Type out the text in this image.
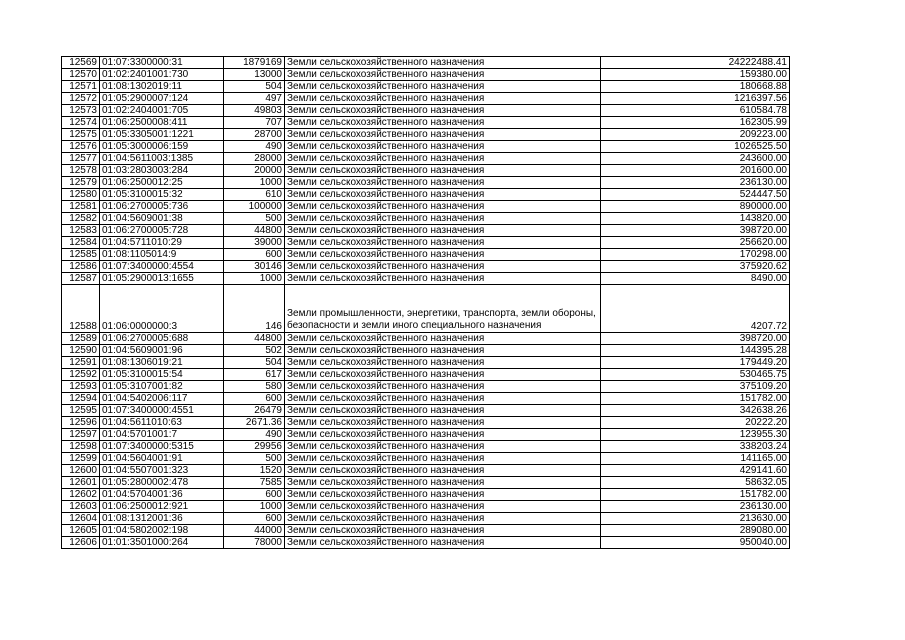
12569	01:07:3300000:31	1879169	Земли сельскохозяйственного назначения	24222488.41
12570	01:02:2401001:730	13000	Земли сельскохозяйственного назначения	159380.00
12571	01:08:1302019:11	504	Земли сельскохозяйственного назначения	180668.88
12572	01:05:2900007:124	497	Земли сельскохозяйственного назначения	1216397.56
12573	01:02:2404001:705	49803	Земли сельскохозяйственного назначения	610584.78
12574	01:06:2500008:411	707	Земли сельскохозяйственного назначения	162305.99
12575	01:05:3305001:1221	28700	Земли сельскохозяйственного назначения	209223.00
12576	01:05:3000006:159	490	Земли сельскохозяйственного назначения	1026525.50
12577	01:04:5611003:1385	28000	Земли сельскохозяйственного назначения	243600.00
12578	01:03:2803003:284	20000	Земли сельскохозяйственного назначения	201600.00
12579	01:06:2500012:25	1000	Земли сельскохозяйственного назначения	236130.00
12580	01:05:3100015:32	610	Земли сельскохозяйственного назначения	524447.50
12581	01:06:2700005:736	100000	Земли сельскохозяйственного назначения	890000.00
12582	01:04:5609001:38	500	Земли сельскохозяйственного назначения	143820.00
12583	01:06:2700005:728	44800	Земли сельскохозяйственного назначения	398720.00
12584	01:04:5711010:29	39000	Земли сельскохозяйственного назначения	256620.00
12585	01:08:1105014:9	600	Земли сельскохозяйственного назначения	170298.00
12586	01:07:3400000:4554	30146	Земли сельскохозяйственного назначения	375920.62
12587	01:05:2900013:1655	1000	Земли сельскохозяйственного назначения	8490.00
12588	01:06:0000000:3	146	Земли промышленности, энергетики, транспорта, земли обороны, безопасности и земли иного специального назначения	4207.72
12589	01:06:2700005:688	44800	Земли сельскохозяйственного назначения	398720.00
12590	01:04:5609001:96	502	Земли сельскохозяйственного назначения	144395.28
12591	01:08:1306019:21	504	Земли сельскохозяйственного назначения	179449.20
12592	01:05:3100015:54	617	Земли сельскохозяйственного назначения	530465.75
12593	01:05:3107001:82	580	Земли сельскохозяйственного назначения	375109.20
12594	01:04:5402006:117	600	Земли сельскохозяйственного назначения	151782.00
12595	01:07:3400000:4551	26479	Земли сельскохозяйственного назначения	342638.26
12596	01:04:5611010:63	2671.36	Земли сельскохозяйственного назначения	20222.20
12597	01:04:5701001:7	490	Земли сельскохозяйственного назначения	123955.30
12598	01:07:3400000:5315	29956	Земли сельскохозяйственного назначения	338203.24
12599	01:04:5604001:91	500	Земли сельскохозяйственного назначения	141165.00
12600	01:04:5507001:323	1520	Земли сельскохозяйственного назначения	429141.60
12601	01:05:2800002:478	7585	Земли сельскохозяйственного назначения	58632.05
12602	01:04:5704001:36	600	Земли сельскохозяйственного назначения	151782.00
12603	01:06:2500012:921	1000	Земли сельскохозяйственного назначения	236130.00
12604	01:08:1312001:36	600	Земли сельскохозяйственного назначения	213630.00
12605	01:04:5802002:198	44000	Земли сельскохозяйственного назначения	289080.00
12606	01:01:3501000:264	78000	Земли сельскохозяйственного назначения	950040.00
